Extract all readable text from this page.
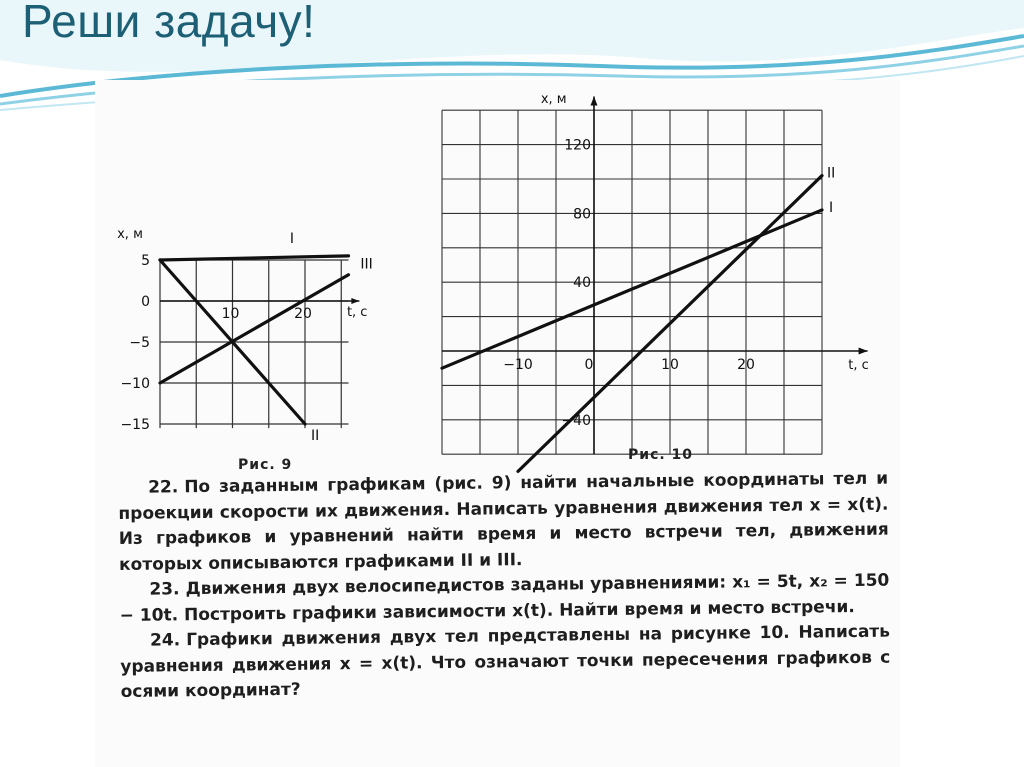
Реши задачу!
x, м
t, с
5
0
−5
−10
−15
10	20
I
II
III
Рис. 9
x, м
t, с
120
80
40
−40
−10	0	10	20
II
I
Рис. 10

22. По заданным графикам (рис. 9) найти начальные координаты тел и проекции скорости их движения. Написать уравнения движения тел x = x(t). Из графиков и уравнений найти время и место встречи тел, движения которых описываются графиками II и III.

23. Движения двух велосипедистов заданы уравнениями: x₁ = 5t, x₂ = 150 − 10t. Построить графики зависимости x(t). Найти время и место встречи.

24. Графики движения двух тел представлены на рисунке 10. Написать уравнения движения x = x(t). Что означают точки пересечения графиков с осями координат?
